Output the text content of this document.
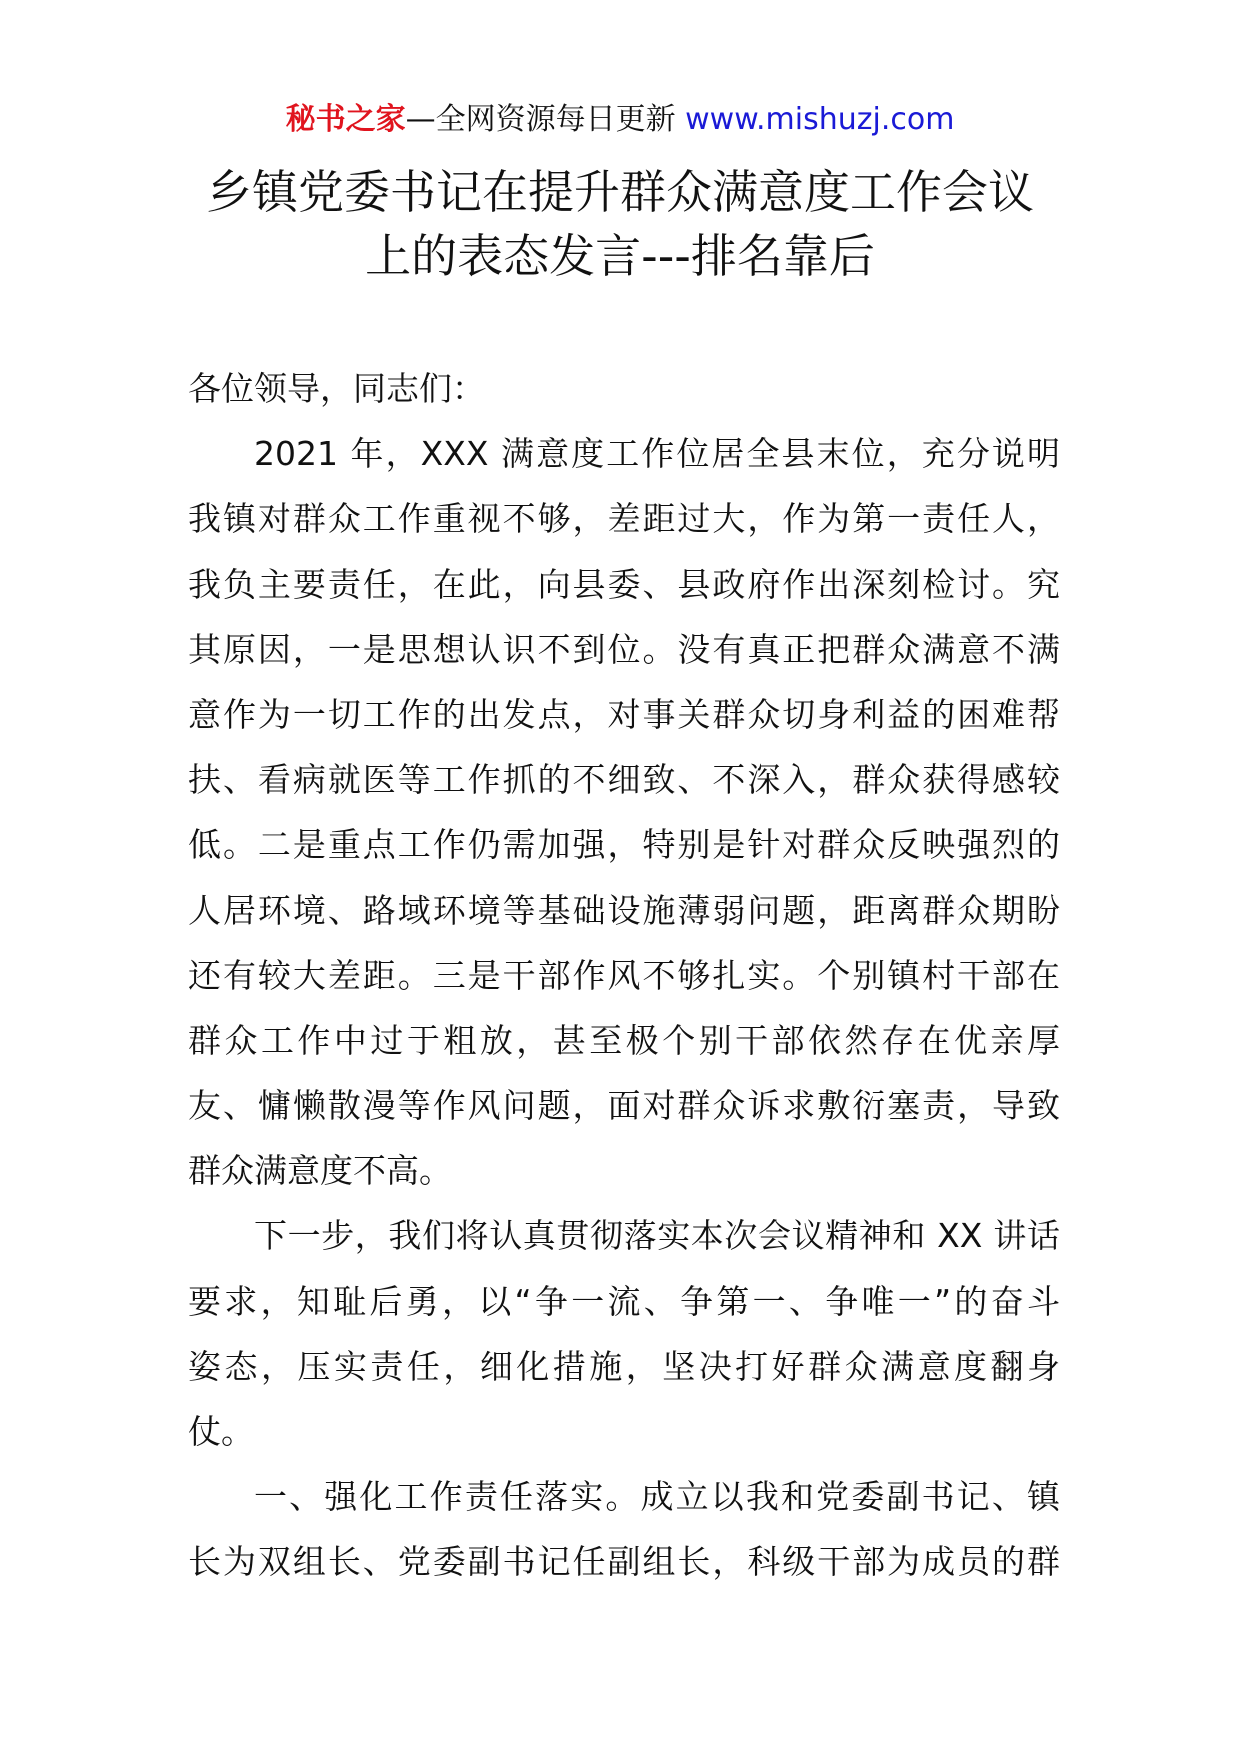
秘书之家—全网资源每日更新 www.mishuzj.com
乡镇党委书记在提升群众满意度工作会议
上的表态发言---排名靠后
各位领导，同志们：
2021 年，XXX 满意度工作位居全县末位，充分说明
我镇对群众工作重视不够，差距过大，作为第一责任人，
我负主要责任，在此，向县委、县政府作出深刻检讨。究
其原因，一是思想认识不到位。没有真正把群众满意不满
意作为一切工作的出发点，对事关群众切身利益的困难帮
扶、看病就医等工作抓的不细致、不深入，群众获得感较
低。二是重点工作仍需加强，特别是针对群众反映强烈的
人居环境、路域环境等基础设施薄弱问题，距离群众期盼
还有较大差距。三是干部作风不够扎实。个别镇村干部在
群众工作中过于粗放，甚至极个别干部依然存在优亲厚
友、慵懒散漫等作风问题，面对群众诉求敷衍塞责，导致
群众满意度不高。
下一步，我们将认真贯彻落实本次会议精神和 XX 讲话
要求，知耻后勇，以“争一流、争第一、争唯一”的奋斗
姿态，压实责任，细化措施，坚决打好群众满意度翻身
仗。
一、强化工作责任落实。成立以我和党委副书记、镇
长为双组长、党委副书记任副组长，科级干部为成员的群
